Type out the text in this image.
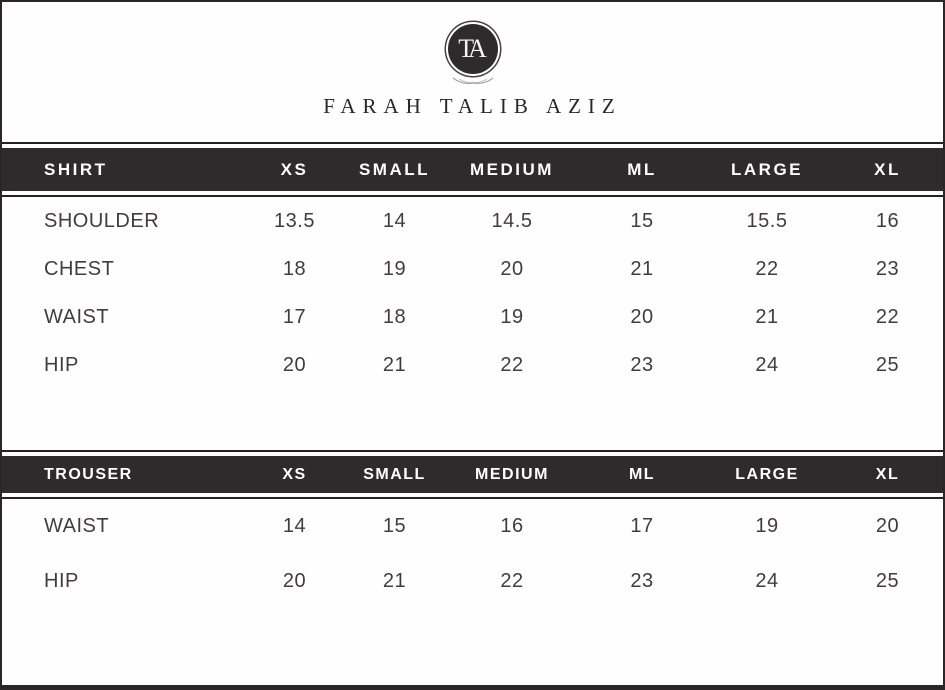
TA
FARAH TALIB AZIZ
SHIRT	XS	SMALL	MEDIUM	ML	LARGE	XL
SHOULDER	13.5	14	14.5	15	15.5	16
CHEST	18	19	20	21	22	23
WAIST	17	18	19	20	21	22
HIP	20	21	22	23	24	25
TROUSER	XS	SMALL	MEDIUM	ML	LARGE	XL
WAIST	14	15	16	17	19	20
HIP	20	21	22	23	24	25
